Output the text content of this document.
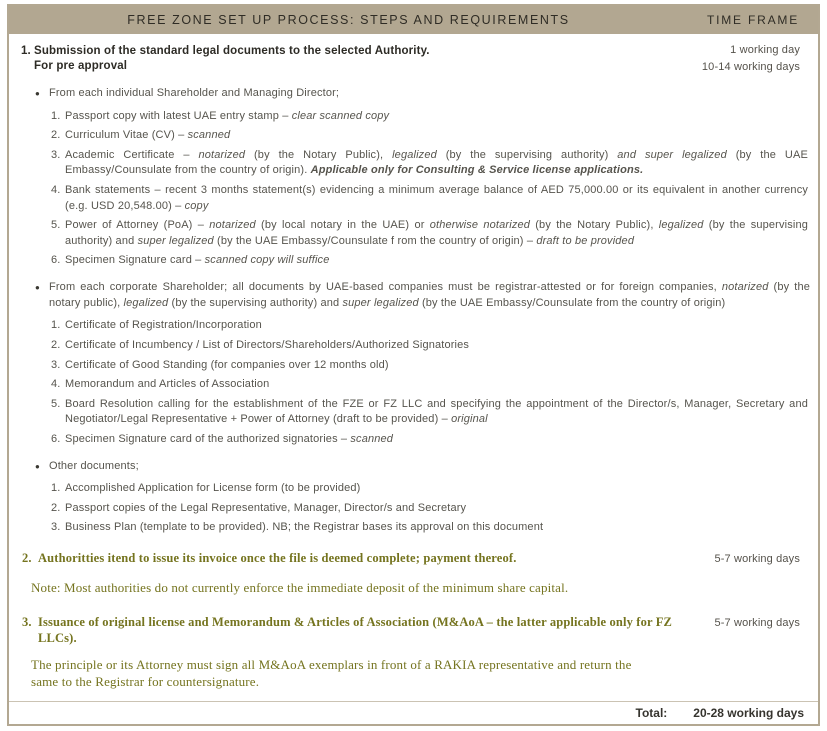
FREE ZONE SET UP PROCESS: STEPS AND REQUIREMENTS	TIME FRAME
1. Submission of the standard legal documents to the selected Authority.
For pre approval
1 working day
10-14 working days
● From each individual Shareholder and Managing Director;
1. Passport copy with latest UAE entry stamp – clear scanned copy
2. Curriculum Vitae (CV) – scanned
3. Academic Certificate – notarized (by the Notary Public), legalized (by the supervising authority) and super legalized (by the UAE Embassy/Counsulate from the country of origin). Applicable only for Consulting & Service license applications.
4. Bank statements – recent 3 months statement(s) evidencing a minimum average balance of AED 75,000.00 or its equivalent in another currency (e.g. USD 20,548.00) – copy
5. Power of Attorney (PoA) – notarized (by local notary in the UAE) or otherwise notarized (by the Notary Public), legalized (by the supervising authority) and super legalized (by the UAE Embassy/Counsulate f rom the country of origin) – draft to be provided
6. Specimen Signature card – scanned copy will suffice
● From each corporate Shareholder; all documents by UAE-based companies must be registrar-attested or for foreign companies, notarized (by the notary public), legalized (by the supervising authority) and super legalized (by the UAE Embassy/Counsulate from the country of origin)
1. Certificate of Registration/Incorporation
2. Certificate of Incumbency / List of Directors/Shareholders/Authorized Signatories
3. Certificate of Good Standing (for companies over 12 months old)
4. Memorandum and Articles of Association
5. Board Resolution calling for the establishment of the FZE or FZ LLC and specifying the appointment of the Director/s, Manager, Secretary and Negotiator/Legal Representative + Power of Attorney (draft to be provided) – original
6. Specimen Signature card of the authorized signatories – scanned
● Other documents;
1. Accomplished Application for License form (to be provided)
2. Passport copies of the Legal Representative, Manager, Director/s and Secretary
3. Business Plan (template to be provided). NB; the Registrar bases its approval on this document
2. Authoritties itend to issue its invoice once the file is deemed complete; payment thereof.	5-7 working days
Note: Most authorities do not currently enforce the immediate deposit of the minimum share capital.
3. Issuance of original license and Memorandum & Articles of Association (M&AoA – the latter applicable only for FZ LLCs).
5-7 working days
The principle or its Attorney must sign all M&AoA exemplars in front of a RAKIA representative and return the same to the Registrar for countersignature.
Total: 20-28 working days
